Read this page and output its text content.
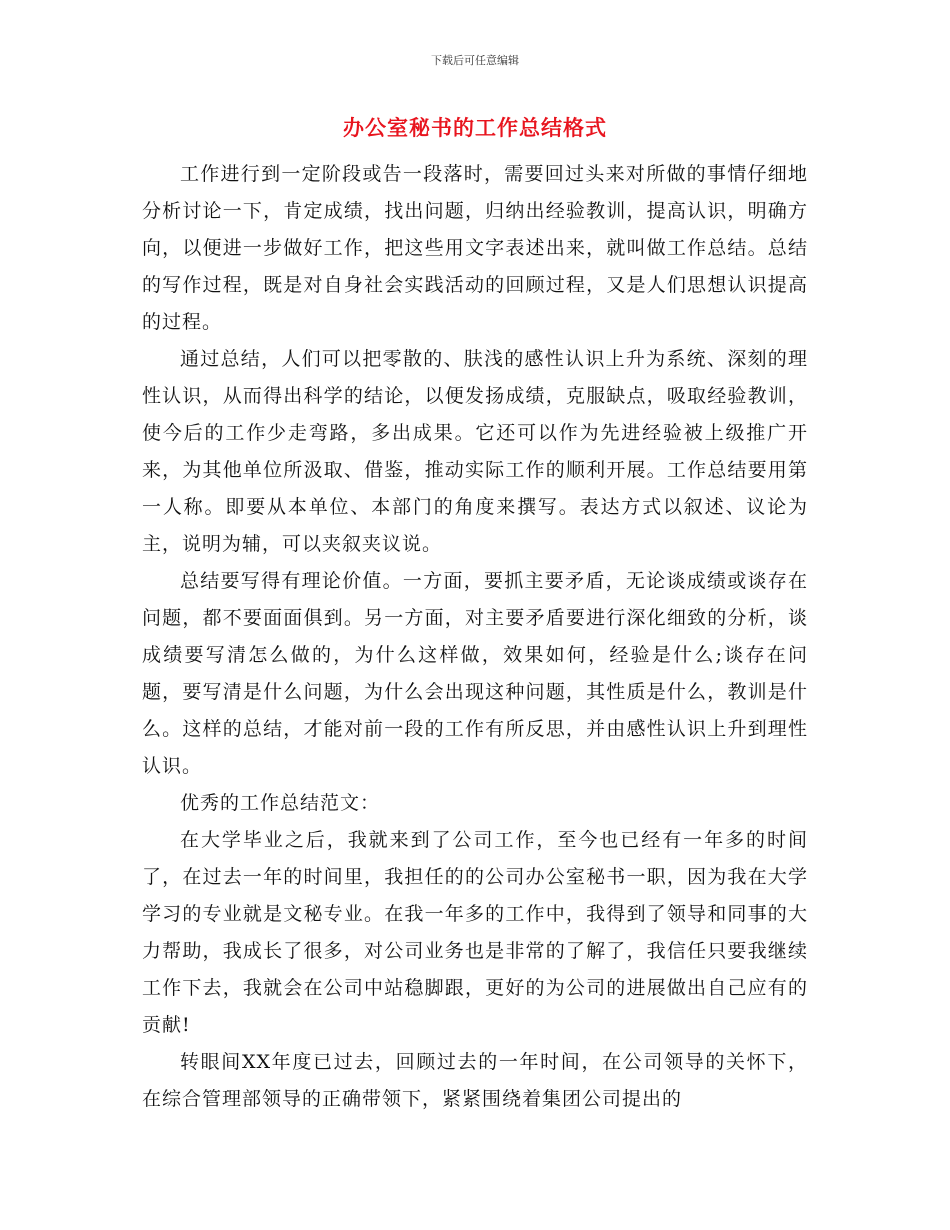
下载后可任意编辑
办公室秘书的工作总结格式

工作进行到一定阶段或告一段落时，需要回过头来对所做的事情仔细地分析讨论一下，肯定成绩，找出问题，归纳出经验教训，提高认识，明确方向，以便进一步做好工作，把这些用文字表述出来，就叫做工作总结。总结的写作过程，既是对自身社会实践活动的回顾过程，又是人们思想认识提高的过程。

通过总结，人们可以把零散的、肤浅的感性认识上升为系统、深刻的理性认识，从而得出科学的结论，以便发扬成绩，克服缺点，吸取经验教训，使今后的工作少走弯路，多出成果。它还可以作为先进经验被上级推广开来，为其他单位所汲取、借鉴，推动实际工作的顺利开展。工作总结要用第一人称。即要从本单位、本部门的角度来撰写。表达方式以叙述、议论为主，说明为辅，可以夹叙夹议说。

总结要写得有理论价值。一方面，要抓主要矛盾，无论谈成绩或谈存在问题，都不要面面俱到。另一方面，对主要矛盾要进行深化细致的分析，谈成绩要写清怎么做的，为什么这样做，效果如何，经验是什么;谈存在问题，要写清是什么问题，为什么会出现这种问题，其性质是什么，教训是什么。这样的总结，才能对前一段的工作有所反思，并由感性认识上升到理性认识。

优秀的工作总结范文：

在大学毕业之后，我就来到了公司工作，至今也已经有一年多的时间了，在过去一年的时间里，我担任的的公司办公室秘书一职，因为我在大学学习的专业就是文秘专业。在我一年多的工作中，我得到了领导和同事的大力帮助，我成长了很多，对公司业务也是非常的了解了，我信任只要我继续工作下去，我就会在公司中站稳脚跟，更好的为公司的进展做出自己应有的贡献!

转眼间XX年度已过去，回顾过去的一年时间，在公司领导的关怀下，在综合管理部领导的正确带领下，紧紧围绕着集团公司提出的
